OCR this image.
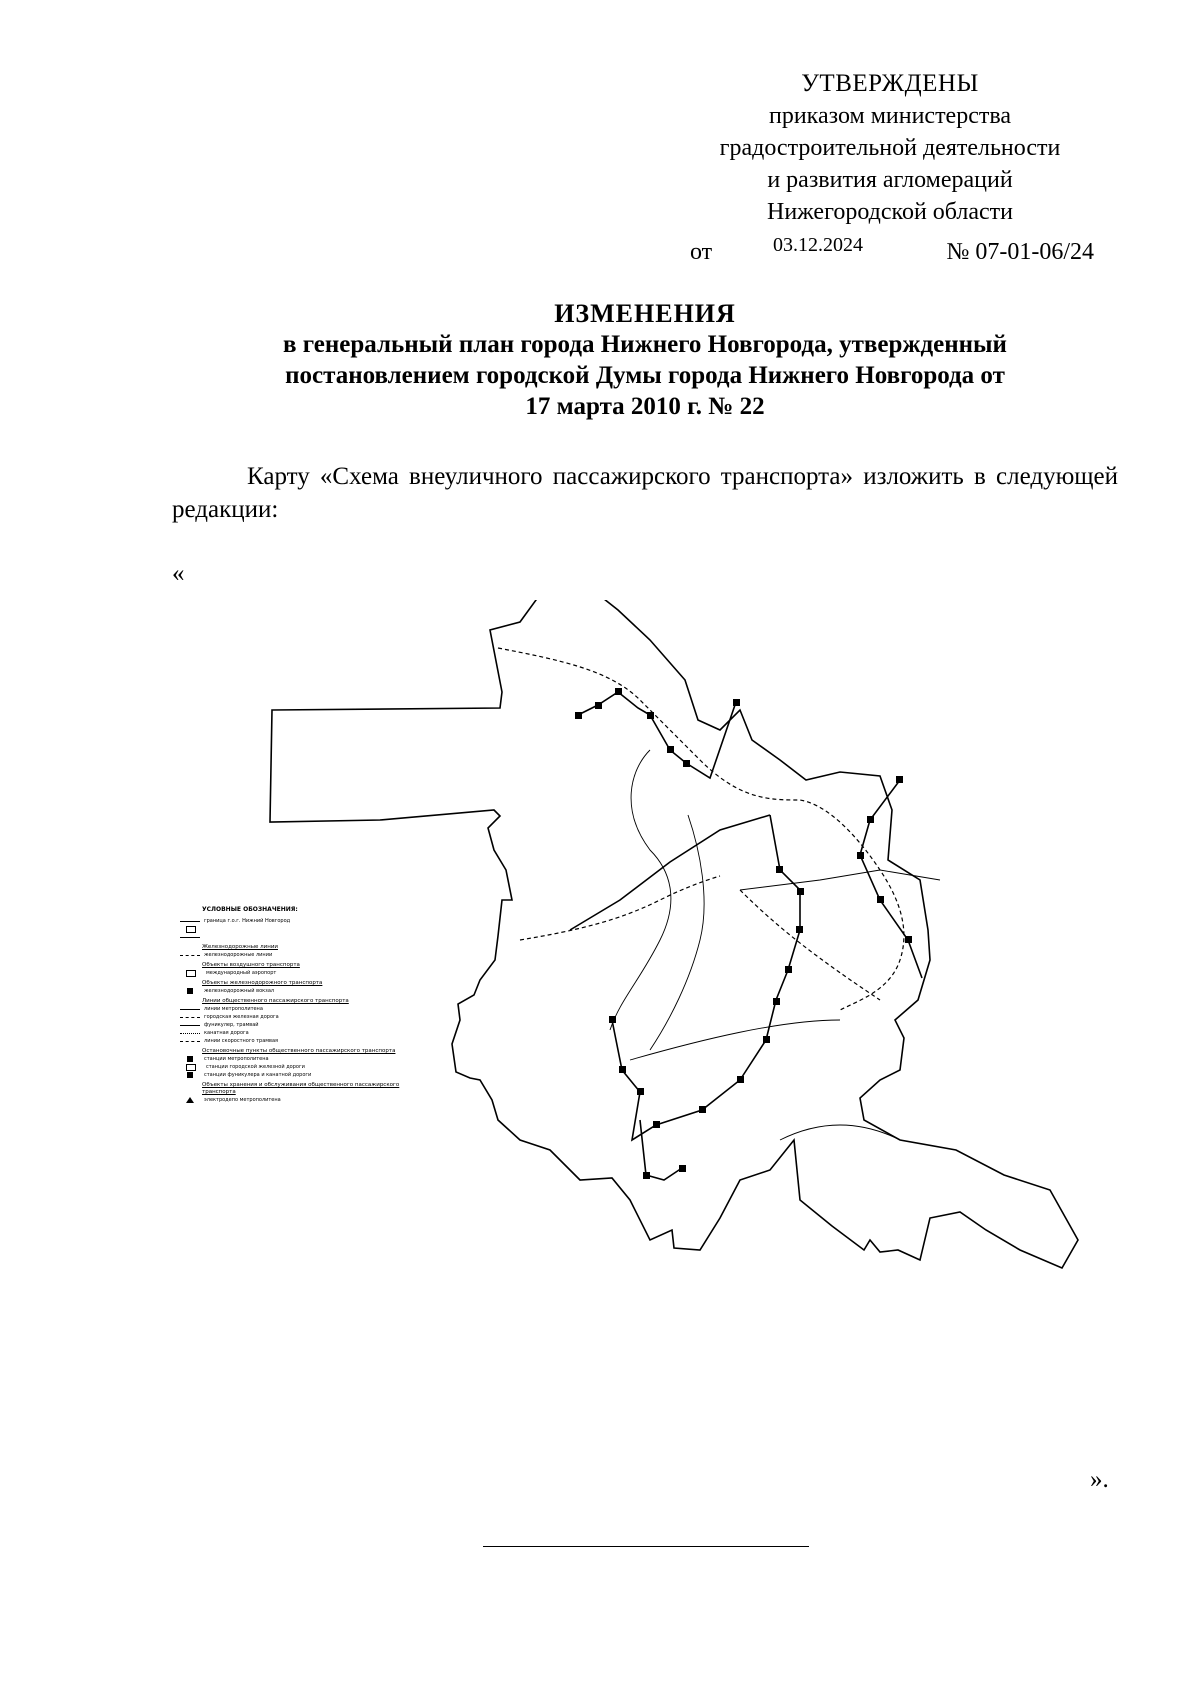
УТВЕРЖДЕНЫ
приказом министерства
градостроительной деятельности
и развития агломераций
Нижегородской области
от	03.12.2024	№ 07-01-06/24
ИЗМЕНЕНИЯ
в генеральный план города Нижнего Новгорода, утвержденный
постановлением городской Думы города Нижнего Новгорода от
17 марта 2010 г. № 22
Карту «Схема внеуличного пассажирского транспорта» изложить в следующей редакции:
«
УСЛОВНЫЕ ОБОЗНАЧЕНИЯ:
граница г.о.г. Нижний Новгород
Железнодорожные линии
железнодорожные линии
Объекты воздушного транспорта
международный аэропорт
Объекты железнодорожного транспорта
железнодорожный вокзал
Линии общественного пассажирского транспорта
линии метрополитена
городская железная дорога
фуникулер, трамвай
канатная дорога
линии скоростного трамвая
Остановочные пункты общественного пассажирского транспорта
станции метрополитена
станции городской железной дороги
станции фуникулера и канатной дороги
Объекты хранения и обслуживания общественного пассажирского транспорта
электродепо метрополитена
».
